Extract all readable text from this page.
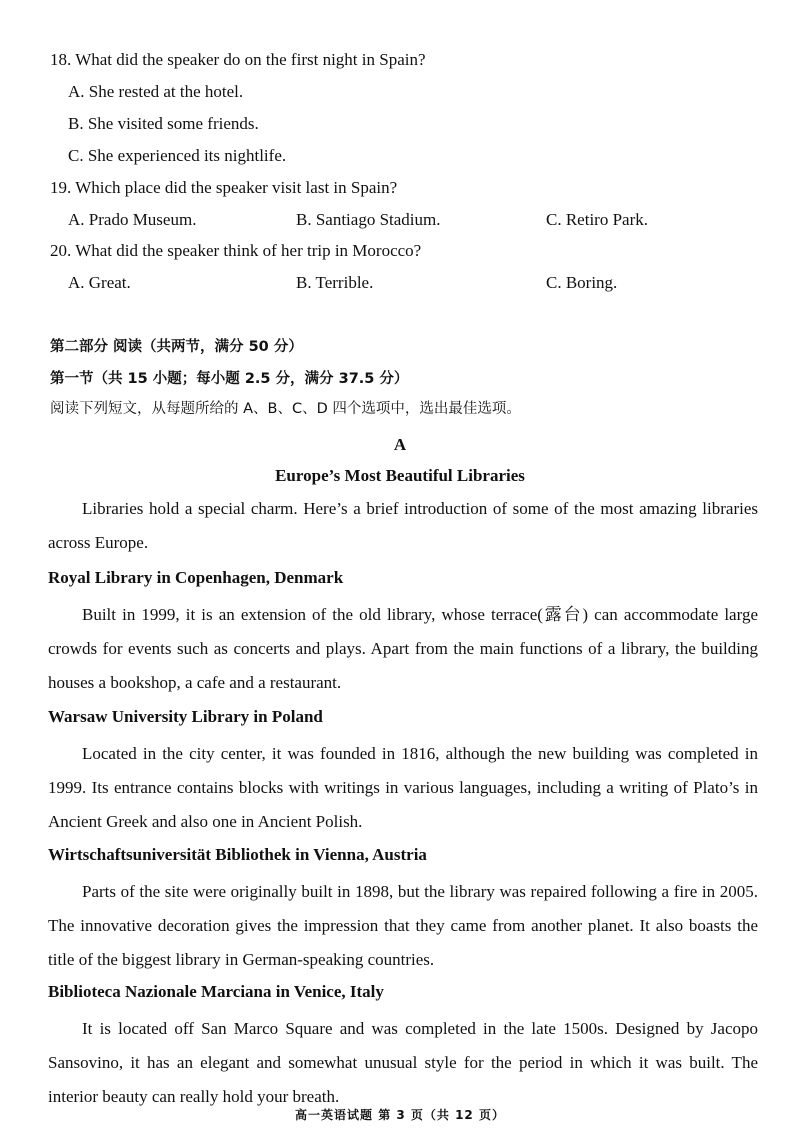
18. What did the speaker do on the first night in Spain?
A. She rested at the hotel.
B. She visited some friends.
C. She experienced its nightlife.
19. Which place did the speaker visit last in Spain?
A. Prado Museum.	B. Santiago Stadium.	C. Retiro Park.
20. What did the speaker think of her trip in Morocco?
A. Great.	B. Terrible.	C. Boring.
第二部分 阅读（共两节，满分 50 分）
第一节（共 15 小题；每小题 2.5 分，满分 37.5 分）
阅读下列短文，从每题所给的 A、B、C、D 四个选项中，选出最佳选项。
A
Europe’s Most Beautiful Libraries

Libraries hold a special charm. Here’s a brief introduction of some of the most amazing libraries across Europe.

Royal Library in Copenhagen, Denmark

Built in 1999, it is an extension of the old library, whose terrace(露台) can accommodate large crowds for events such as concerts and plays. Apart from the main functions of a library, the building houses a bookshop, a cafe and a restaurant.

Warsaw University Library in Poland

Located in the city center, it was founded in 1816, although the new building was completed in 1999. Its entrance contains blocks with writings in various languages, including a writing of Plato’s in Ancient Greek and also one in Ancient Polish.

Wirtschaftsuniversität Bibliothek in Vienna, Austria

Parts of the site were originally built in 1898, but the library was repaired following a fire in 2005. The innovative decoration gives the impression that they came from another planet. It also boasts the title of the biggest library in German-speaking countries.

Biblioteca Nazionale Marciana in Venice, Italy

It is located off San Marco Square and was completed in the late 1500s. Designed by Jacopo Sansovino, it has an elegant and somewhat unusual style for the period in which it was built. The interior beauty can really hold your breath.

高一英语试题 第 3 页（共 12 页）
